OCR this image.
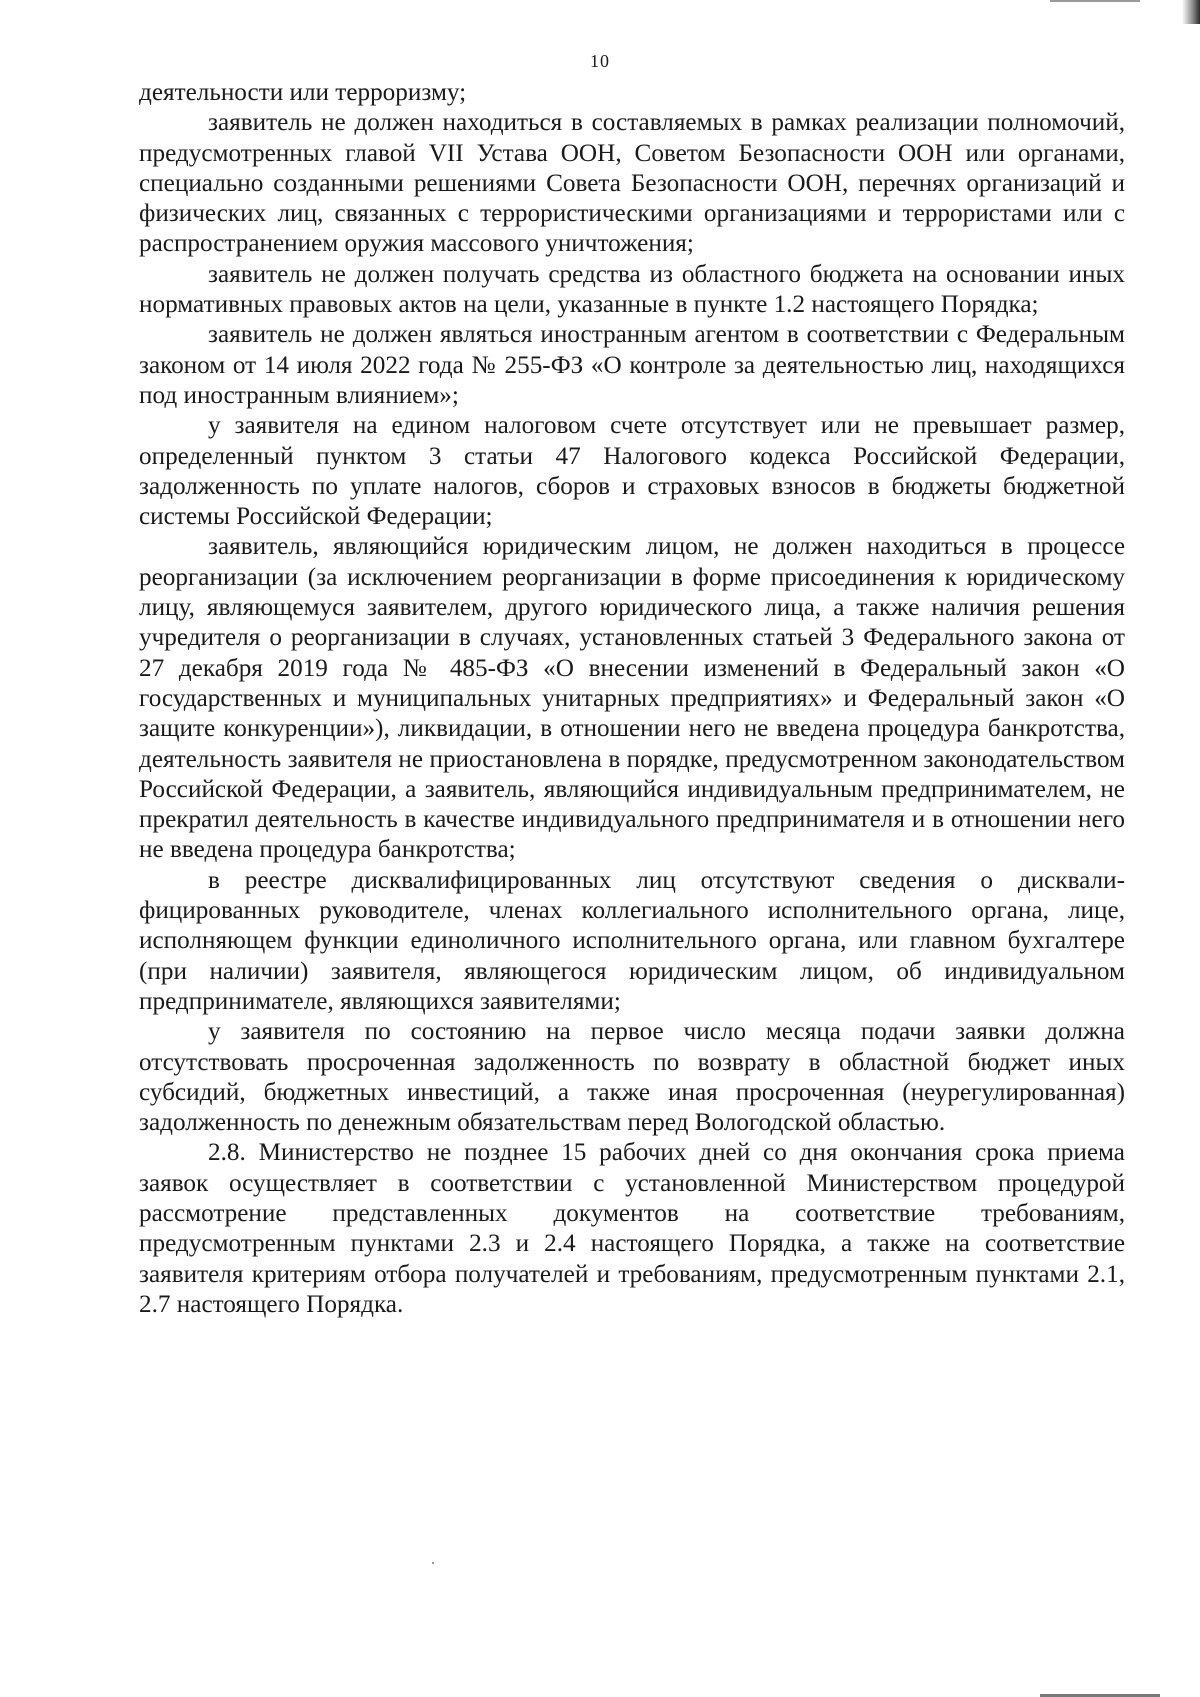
10

деятельности или терроризму;

заявитель не должен находиться в составляемых в рамках реализации полномочий, предусмотренных главой VII Устава ООН, Советом Безопасности ООН или органами, специально созданными решениями Совета Безопасности ООН, перечнях организаций и физических лиц, связанных с террористическими организациями и террористами или с распространением оружия массового уничтожения;

заявитель не должен получать средства из областного бюджета на основании иных нормативных правовых актов на цели, указанные в пункте 1.2 настоящего Порядка;

заявитель не должен являться иностранным агентом в соответствии с Федеральным законом от 14 июля 2022 года № 255-ФЗ «О контроле за деятельностью лиц, находящихся под иностранным влиянием»;

у заявителя на едином налоговом счете отсутствует или не превышает размер, определенный пунктом 3 статьи 47 Налогового кодекса Российской Федерации, задолженность по уплате налогов, сборов и страховых взносов в бюджеты бюджетной системы Российской Федерации;

заявитель, являющийся юридическим лицом, не должен находиться в процессе реорганизации (за исключением реорганизации в форме присоединения к юридическому лицу, являющемуся заявителем, другого юридического лица, а также наличия решения учредителя о реорганизации в случаях, установленных статьей 3 Федерального закона от 27 декабря 2019 года № 485-ФЗ «О внесении изменений в Федеральный закон «О государственных и муниципальных унитарных предприятиях» и Федеральный закон «О защите конкуренции»), ликвидации, в отношении него не введена процедура банкротства, деятельность заявителя не приостановлена в порядке, предусмотренном законодательством Российской Федерации, а заявитель, являющийся индивидуальным предпринимателем, не прекратил деятельность в качестве индивидуального предпринимателя и в отношении него не введена процедура банкротства;

в реестре дисквалифицированных лиц отсутствуют сведения о дисквалифицированных руководителе, членах коллегиального исполнительного органа, лице, исполняющем функции единоличного исполнительного органа, или главном бухгалтере (при наличии) заявителя, являющегося юридическим лицом, об индивидуальном предпринимателе, являющихся заявителями;

у заявителя по состоянию на первое число месяца подачи заявки должна отсутствовать просроченная задолженность по возврату в областной бюджет иных субсидий, бюджетных инвестиций, а также иная просроченная (неурегулированная) задолженность по денежным обязательствам перед Вологодской областью.

2.8. Министерство не позднее 15 рабочих дней со дня окончания срока приема заявок осуществляет в соответствии с установленной Министерством процедурой рассмотрение представленных документов на соответствие требованиям, предусмотренным пунктами 2.3 и 2.4 настоящего Порядка, а также на соответствие заявителя критериям отбора получателей и требованиям, предусмотренным пунктами 2.1, 2.7 настоящего Порядка.
